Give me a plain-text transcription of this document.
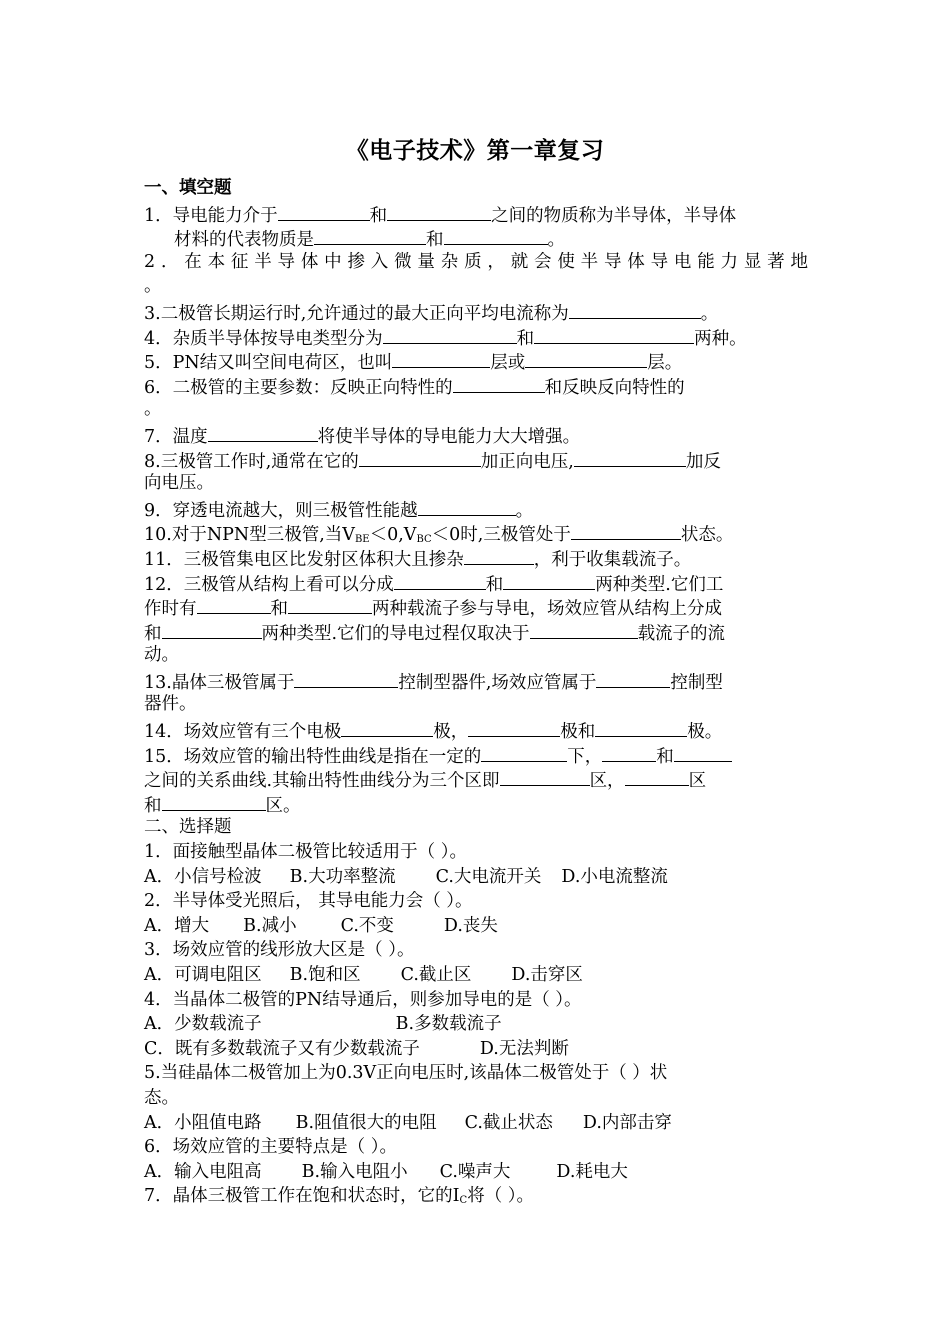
《电子技术》第一章复习
一、填空题
1．导电能力介于	和	之间的物质称为半导体，半导体
材料的代表物质是	和	。
2．在本征半导体中掺入微量杂质，就会使半导体导电能力显著地
。
3.二极管长期运行时,允许通过的最大正向平均电流称为	。
4．杂质半导体按导电类型分为	和	两种。
5．PN结又叫空间电荷区，也叫	层或	层。
6．二极管的主要参数：反映正向特性的	和反映反向特性的
。
7．温度	将使半导体的导电能力大大增强。
8.三极管工作时,通常在它的	加正向电压,	加反
向电压。
9．穿透电流越大，则三极管性能越	。
10.对于NPN型三极管,当$V_{BE}<0,V_{BC}<0$时,三极管处于	状态。
11．三极管集电区比发射区体积大且掺杂	，利于收集载流子。
12．三极管从结构上看可以分成	和	两种类型.它们工
作时有	和	两种载流子参与导电，场效应管从结构上分成
和	两种类型.它们的导电过程仅取决于	载流子的流
动。
13.晶体三极管属于	控制型器件,场效应管属于	控制型
器件。
14．场效应管有三个电极	极，	极和	极。
15．场效应管的输出特性曲线是指在一定的	下，	和
之间的关系曲线.其输出特性曲线分为三个区即	区，	区
和	区。
二、选择题
1．面接触型晶体二极管比较适用于（ ）。
A．小信号检波 B.大功率整流 C.大电流开关 D.小电流整流
2．半导体受光照后， 其导电能力会（ ）。
A．增大 B.减小	C.不变	D.丧失
3．场效应管的线形放大区是（ ）。
A．可调电阻区 B.饱和区 C.截止区 D.击穿区
4．当晶体二极管的PN结导通后，则参加导电的是（ ）。
A．少数载流子	B.多数载流子
C．既有多数载流子又有少数载流子	D.无法判断
5.当硅晶体二极管加上为0.3V正向电压时,该晶体二极管处于（ ）状
态。
A．小阻值电路 B.阻值很大的电阻 C.截止状态 D.内部击穿
6．场效应管的主要特点是（ ）。
A．输入电阻高 B.输入电阻小 C.噪声大	D.耗电大
7．晶体三极管工作在饱和状态时，它的$I_C$将（ ）。
